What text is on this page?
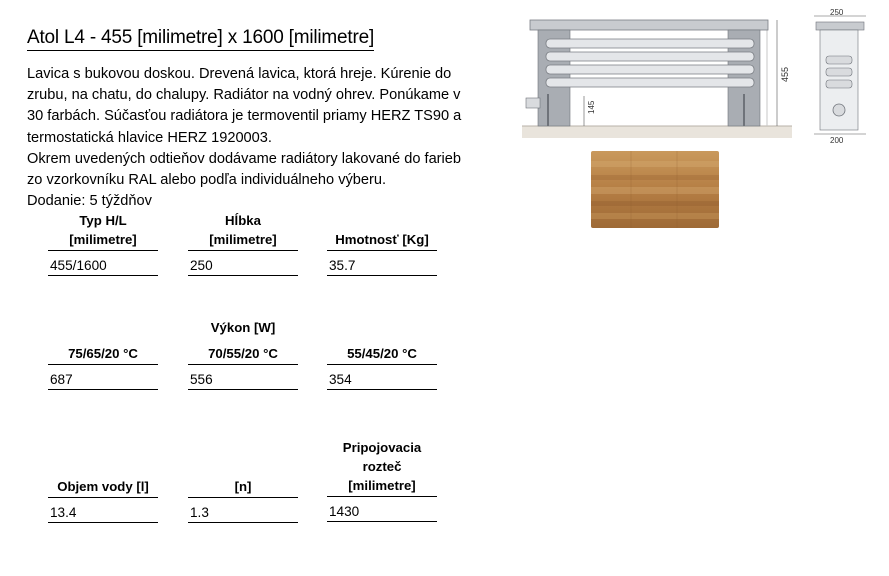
Atol L4 - 455 [milimetre] x 1600 [milimetre]
Lavica s bukovou doskou. Drevená lavica, ktorá hreje. Kúrenie do
zrubu, na chatu, do chalupy. Radiátor na vodný ohrev. Ponúkame v
30 farbách. Súčasťou radiátora je termoventil priamy HERZ TS90 a
termostatická hlavice HERZ 1920003.
Okrem uvedených odtieňov dodávame radiátory lakované do farieb
zo vzorkovníku RAL alebo podľa individuálneho výberu.
Dodanie: 5 týždňov
Typ H/L
[milimetre]
455/1600
Hĺbka
[milimetre]
250
Hmotnosť [Kg]
35.7
Výkon [W]
75/65/20 °C
687
70/55/20 °C
556
55/45/20 °C
354
Objem vody [l]
13.4
[n]
1.3
Pripojovacia
rozteč
[milimetre]
1430
145
455
250
200
